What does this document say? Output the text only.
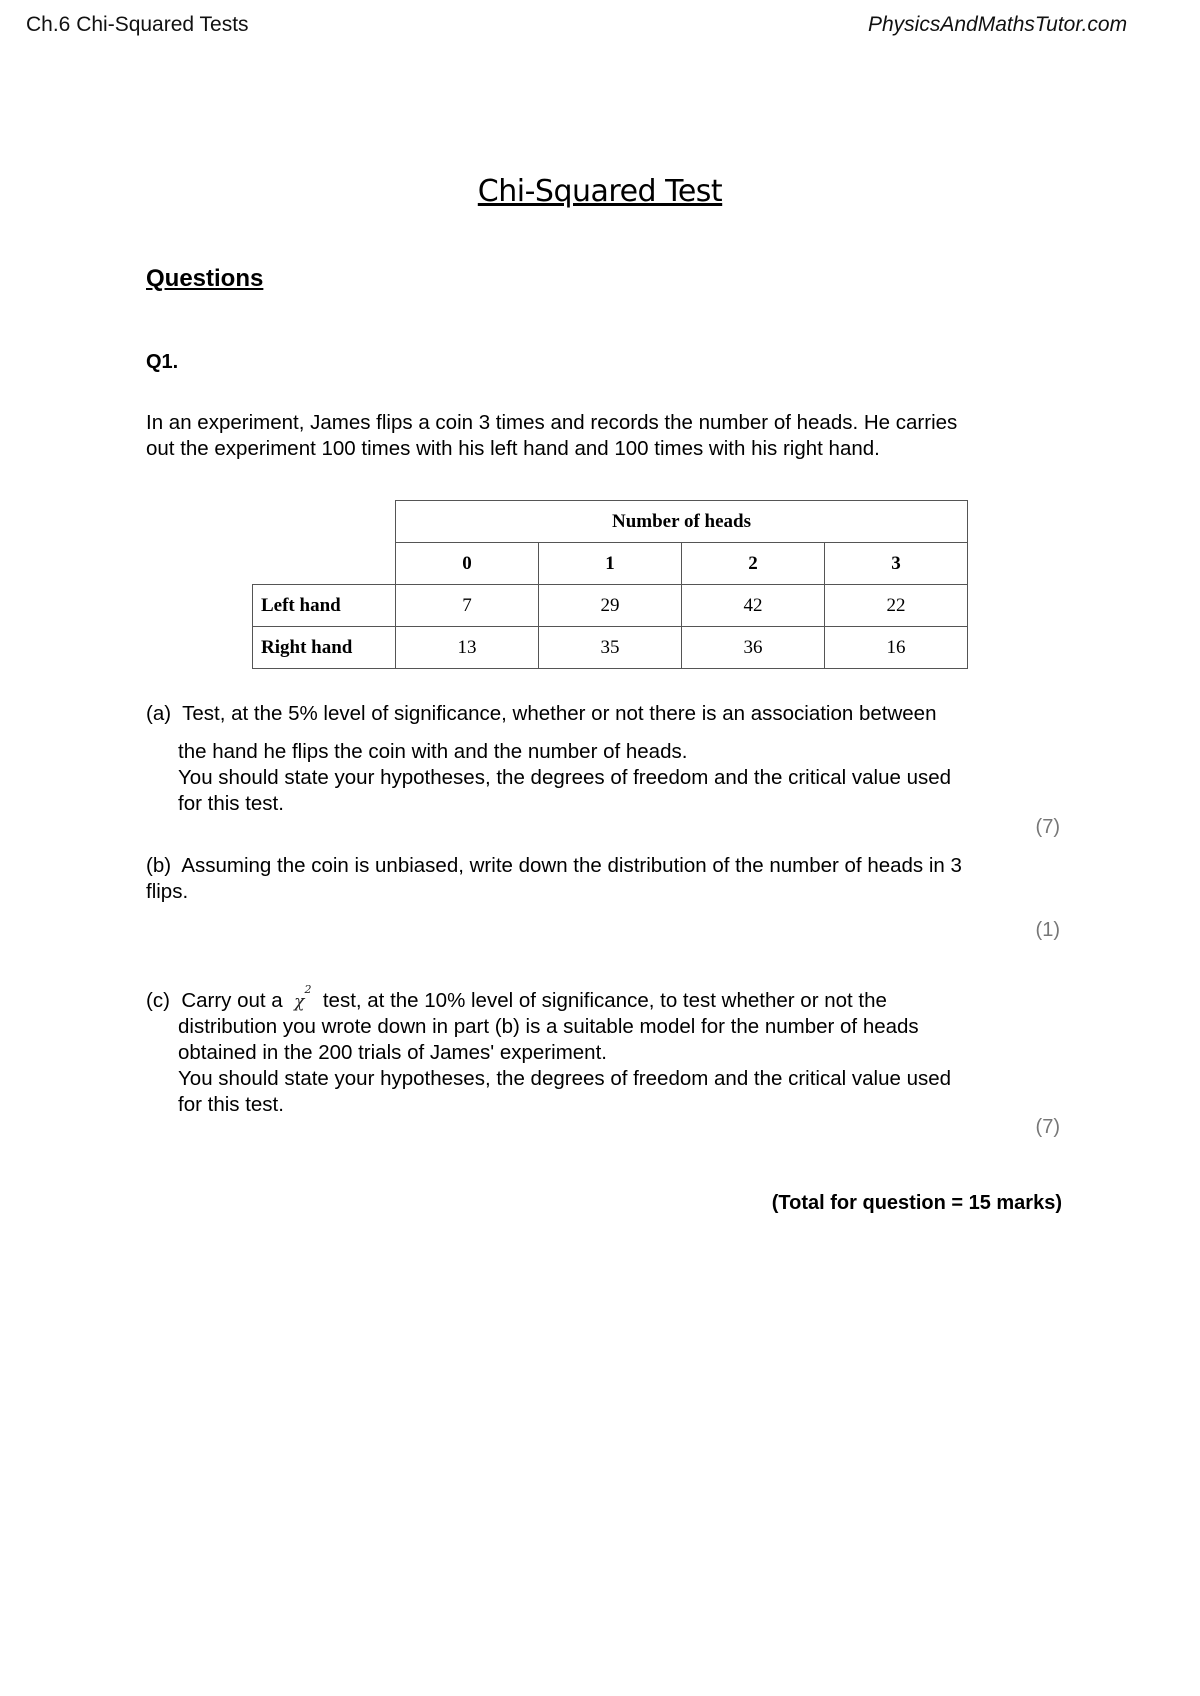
Ch.6 Chi-Squared Tests	PhysicsAndMathsTutor.com
Chi-Squared Test
Questions
Q1.
In an experiment, James flips a coin 3 times and records the number of heads. He carries
out the experiment 100 times with his left hand and 100 times with his right hand.
	Number of heads			
	0	1	2	3
Left hand	7	29	42	22
Right hand	13	35	36	16
(a) Test, at the 5% level of significance, whether or not there is an association between
the hand he flips the coin with and the number of heads.
You should state your hypotheses, the degrees of freedom and the critical value used
for this test.
(7)
(b) Assuming the coin is unbiased, write down the distribution of the number of heads in 3
flips.
(1)
(c) Carry out a $\chi^2$ test, at the 10% level of significance, to test whether or not the
distribution you wrote down in part (b) is a suitable model for the number of heads
obtained in the 200 trials of James' experiment.
You should state your hypotheses, the degrees of freedom and the critical value used
for this test.
(7)
(Total for question = 15 marks)
